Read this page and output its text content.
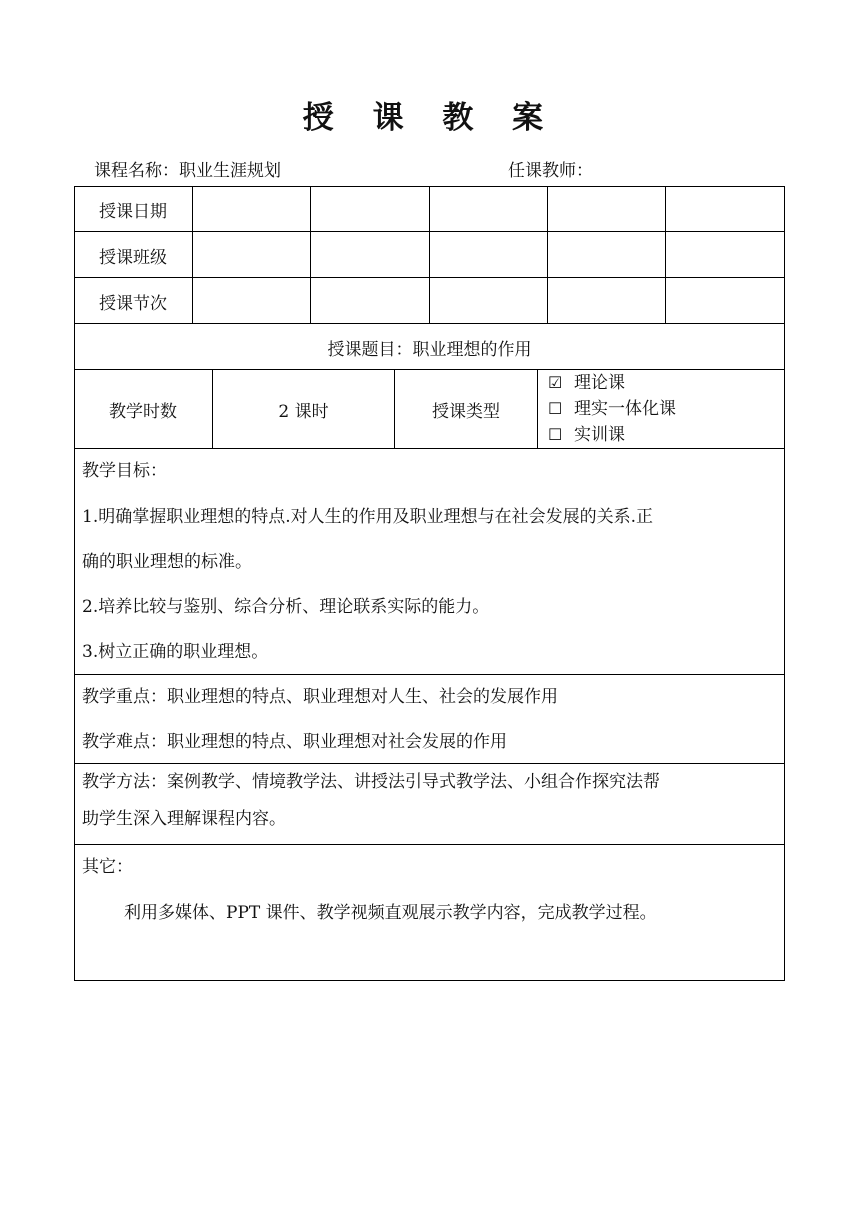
授 课 教 案
课程名称：职业生涯规划	任课教师：
授课日期
授课班级
授课节次
授课题目：职业理想的作用
教学时数	2 课时	授课类型
☑ 理论课
☐ 理实一体化课
☐ 实训课
教学目标：
1.明确掌握职业理想的特点.对人生的作用及职业理想与在社会发展的关系.正
确的职业理想的标准。
2.培养比较与鉴别、综合分析、理论联系实际的能力。
3.树立正确的职业理想。
教学重点：职业理想的特点、职业理想对人生、社会的发展作用
教学难点：职业理想的特点、职业理想对社会发展的作用
教学方法：案例教学、情境教学法、讲授法引导式教学法、小组合作探究法帮
助学生深入理解课程内容。
其它：
利用多媒体、PPT 课件、教学视频直观展示教学内容，完成教学过程。
